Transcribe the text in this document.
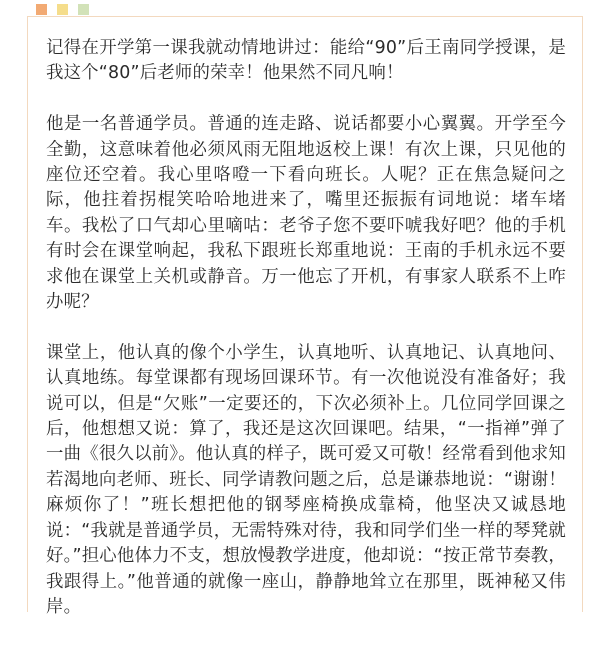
记得在开学第一课我就动情地讲过：能给“90”后王南同学授课，是我这个“80”后老师的荣幸！他果然不同凡响！

他是一名普通学员。普通的连走路、说话都要小心翼翼。开学至今全勤，这意味着他必须风雨无阻地返校上课！有次上课，只见他的座位还空着。我心里咯噔一下看向班长。人呢？正在焦急疑问之际，他拄着拐棍笑哈哈地进来了，嘴里还振振有词地说：堵车堵车。我松了口气却心里嘀咕：老爷子您不要吓唬我好吧？他的手机有时会在课堂响起，我私下跟班长郑重地说：王南的手机永远不要求他在课堂上关机或静音。万一他忘了开机，有事家人联系不上咋办呢？

课堂上，他认真的像个小学生，认真地听、认真地记、认真地问、认真地练。每堂课都有现场回课环节。有一次他说没有准备好；我说可以，但是“欠账”一定要还的，下次必须补上。几位同学回课之后，他想想又说：算了，我还是这次回课吧。结果，“一指禅”弹了一曲《很久以前》。他认真的样子，既可爱又可敬！经常看到他求知若渴地向老师、班长、同学请教问题之后，总是谦恭地说：“谢谢！麻烦你了！”班长想把他的钢琴座椅换成靠椅，他坚决又诚恳地说：“我就是普通学员，无需特殊对待，我和同学们坐一样的琴凳就好。”担心他体力不支，想放慢教学进度，他却说：“按正常节奏教，我跟得上。”他普通的就像一座山，静静地耸立在那里，既神秘又伟岸。
